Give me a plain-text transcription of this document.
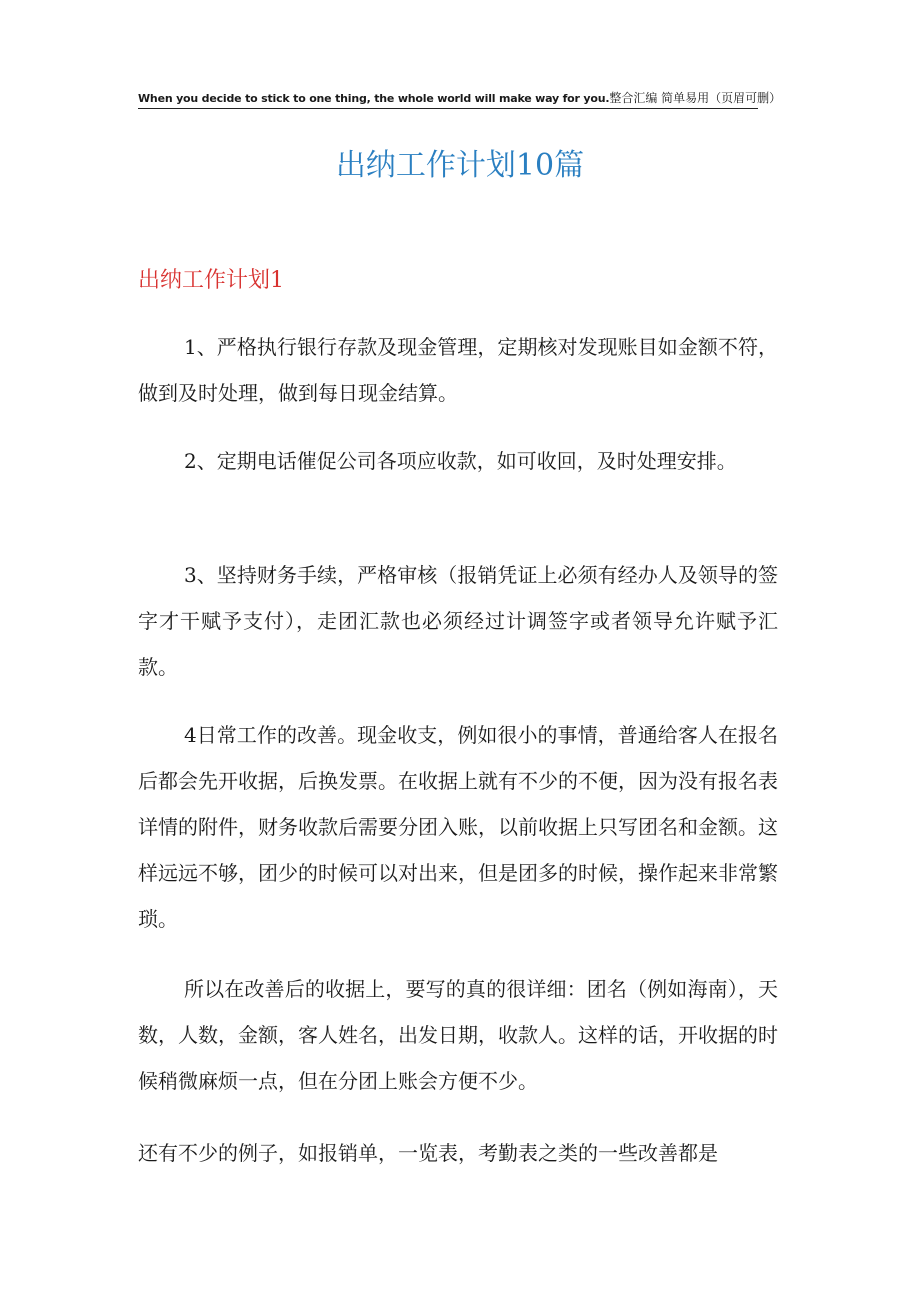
When you decide to stick to one thing, the whole world will make way for you.整合汇编 简单易用（页眉可删）
出纳工作计划10篇
出纳工作计划1

1、严格执行银行存款及现金管理，定期核对发现账目如金额不符，做到及时处理，做到每日现金结算。

2、定期电话催促公司各项应收款，如可收回，及时处理安排。

3、坚持财务手续，严格审核（报销凭证上必须有经办人及领导的签字才干赋予支付），走团汇款也必须经过计调签字或者领导允许赋予汇款。

4日常工作的改善。现金收支，例如很小的事情，普通给客人在报名后都会先开收据，后换发票。在收据上就有不少的不便，因为没有报名表详情的附件，财务收款后需要分团入账，以前收据上只写团名和金额。这样远远不够，团少的时候可以对出来，但是团多的时候，操作起来非常繁琐。

所以在改善后的收据上，要写的真的很详细：团名（例如海南），天数，人数，金额，客人姓名，出发日期，收款人。这样的话，开收据的时候稍微麻烦一点，但在分团上账会方便不少。

还有不少的例子，如报销单，一览表，考勤表之类的一些改善都是
